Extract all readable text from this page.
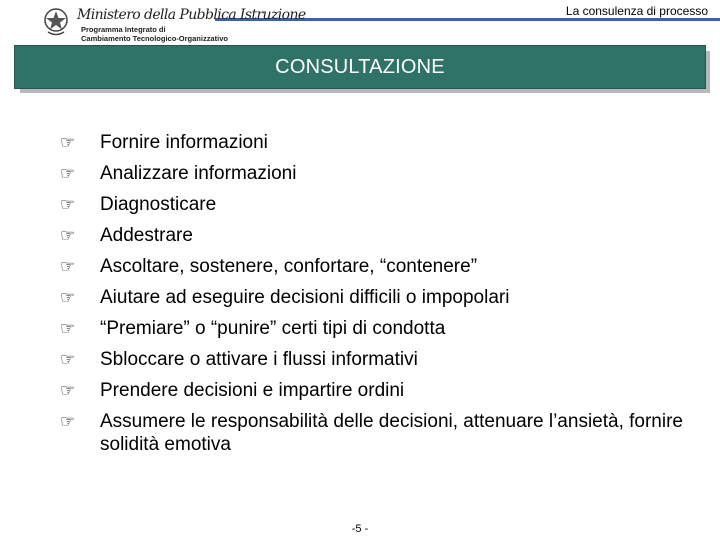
La consulenza di processo
Ministero della Pubblica Istruzione
Programma Integrato di
Cambiamento Tecnologico-Organizzativo
CONSULTAZIONE
☞	Fornire informazioni
☞	Analizzare informazioni
☞	Diagnosticare
☞	Addestrare
☞	Ascoltare, sostenere, confortare, “contenere”
☞	Aiutare ad eseguire decisioni difficili o impopolari
☞	“Premiare” o “punire” certi tipi di condotta
☞	Sbloccare o attivare i flussi informativi
☞	Prendere decisioni e impartire ordini
☞	Assumere le responsabilità delle decisioni, attenuare l’ansietà, fornire solidità emotiva
-5 -
